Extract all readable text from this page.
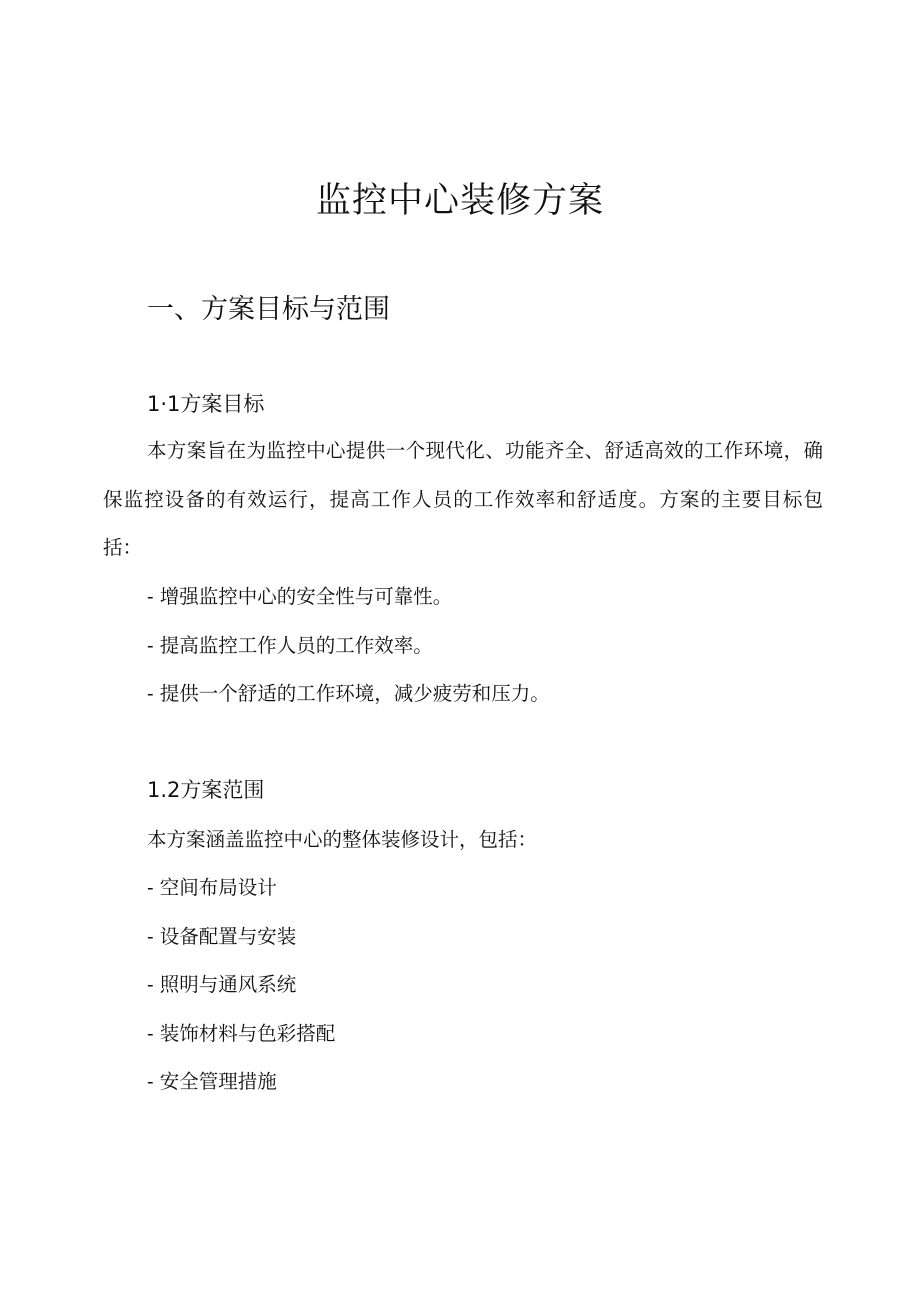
监控中心装修方案
一、方案目标与范围
1·1方案目标

本方案旨在为监控中心提供一个现代化、功能齐全、舒适高效的工作环境，确保监控设备的有效运行，提高工作人员的工作效率和舒适度。方案的主要目标包括：

- 增强监控中心的安全性与可靠性。
- 提高监控工作人员的工作效率。
- 提供一个舒适的工作环境，减少疲劳和压力。
1.2方案范围

本方案涵盖监控中心的整体装修设计，包括：

- 空间布局设计
- 设备配置与安装
- 照明与通风系统
- 装饰材料与色彩搭配
- 安全管理措施
